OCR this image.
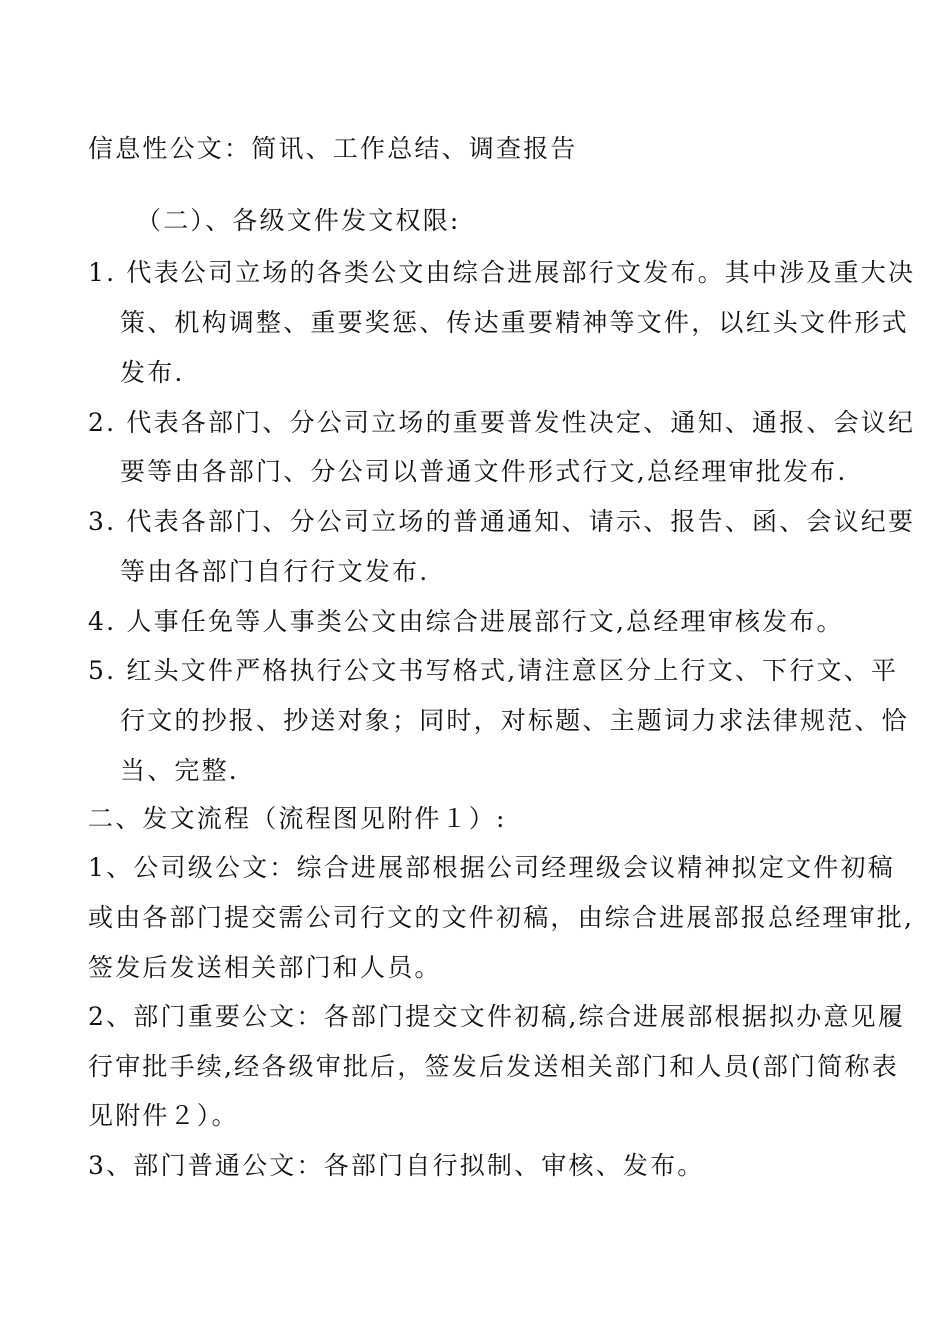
信息性公文：简讯、工作总结、调查报告
（二）、各级文件发文权限:
1. 代表公司立场的各类公文由综合进展部行文发布。其中涉及重大决
策、机构调整、重要奖惩、传达重要精神等文件，以红头文件形式
发布.
2. 代表各部门、分公司立场的重要普发性决定、通知、通报、会议纪
要等由各部门、分公司以普通文件形式行文,总经理审批发布.
3. 代表各部门、分公司立场的普通通知、请示、报告、函、会议纪要
等由各部门自行行文发布.
4. 人事任免等人事类公文由综合进展部行文,总经理审核发布。
5. 红头文件严格执行公文书写格式,请注意区分上行文、下行文、平
行文的抄报、抄送对象；同时，对标题、主题词力求法律规范、恰
当、完整.
二、发文流程（流程图见附件１）:
1、公司级公文：综合进展部根据公司经理级会议精神拟定文件初稿
或由各部门提交需公司行文的文件初稿，由综合进展部报总经理审批,
签发后发送相关部门和人员。
2、部门重要公文：各部门提交文件初稿,综合进展部根据拟办意见履
行审批手续,经各级审批后，签发后发送相关部门和人员(部门简称表
见附件２）。
3、部门普通公文：各部门自行拟制、审核、发布。
